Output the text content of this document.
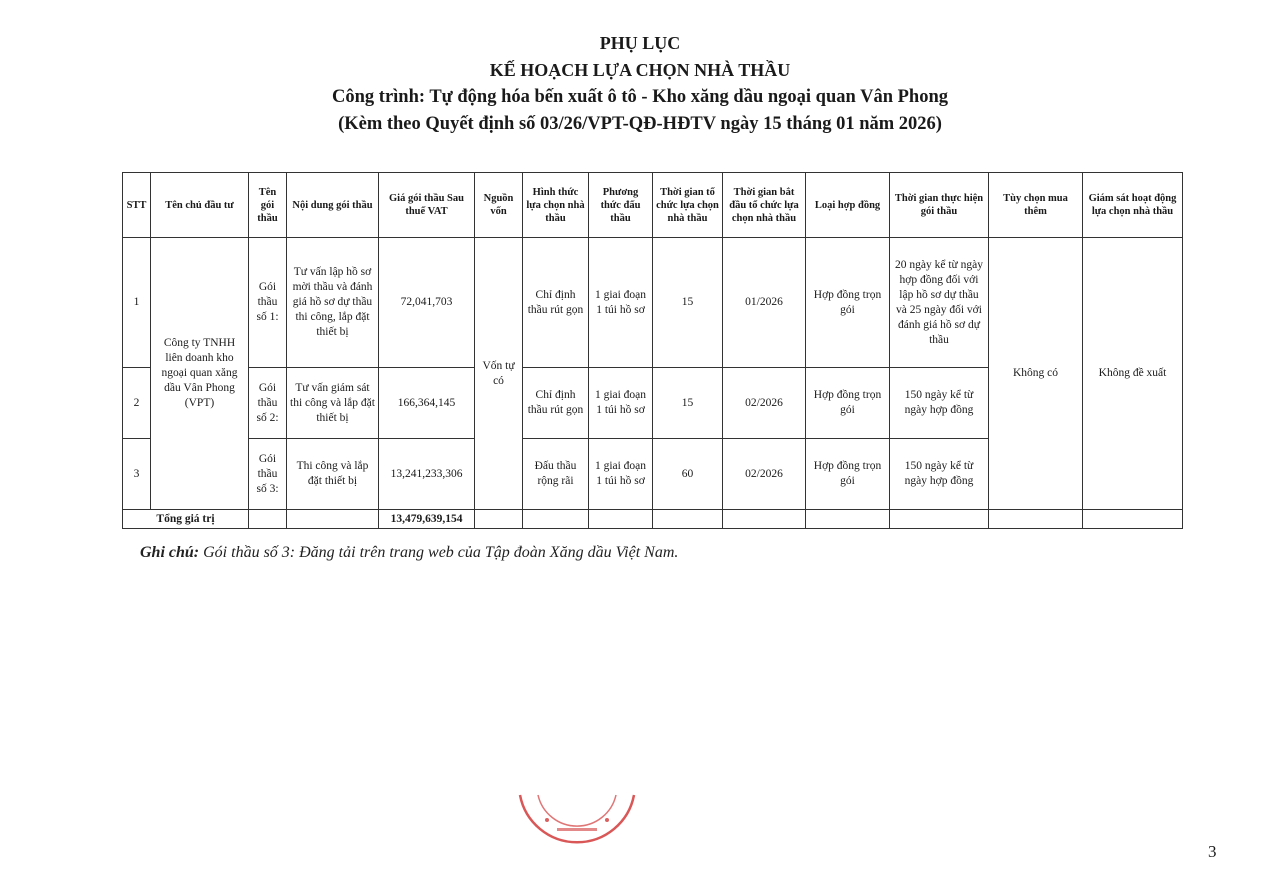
PHỤ LỤC
KẾ HOẠCH LỰA CHỌN NHÀ THẦU
Công trình: Tự động hóa bến xuất ô tô - Kho xăng dầu ngoại quan Vân Phong
(Kèm theo Quyết định số 03/26/VPT-QĐ-HĐTV ngày 15 tháng 01 năm 2026)
STT	Tên chủ đầu tư	Tên gói thầu	Nội dung gói thầu	Giá gói thầu Sau thuế VAT	Nguồn vốn	Hình thức lựa chọn nhà thầu	Phương thức đấu thầu	Thời gian tổ chức lựa chọn nhà thầu	Thời gian bắt đầu tổ chức lựa chọn nhà thầu	Loại hợp đồng	Thời gian thực hiện gói thầu	Tùy chọn mua thêm	Giám sát hoạt động lựa chọn nhà thầu
1	Công ty TNHH liên doanh kho ngoại quan xăng dầu Vân Phong (VPT)	Gói thầu số 1:	Tư vấn lập hồ sơ mời thầu và đánh giá hồ sơ dự thầu thi công, lắp đặt thiết bị	72,041,703	Vốn tự có	Chỉ định thầu rút gọn	1 giai đoạn 1 túi hồ sơ	15	01/2026	Hợp đồng trọn gói	20 ngày kể từ ngày hợp đồng đối với lập hồ sơ dự thầu và 25 ngày đối với đánh giá hồ sơ dự thầu	Không có	Không đề xuất
2		Gói thầu số 2:	Tư vấn giám sát thi công và lắp đặt thiết bị	166,364,145		Chỉ định thầu rút gọn	1 giai đoạn 1 túi hồ sơ	15	02/2026	Hợp đồng trọn gói	150 ngày kể từ ngày hợp đồng		
3		Gói thầu số 3:	Thi công và lắp đặt thiết bị	13,241,233,306		Đấu thầu rộng rãi	1 giai đoạn 1 túi hồ sơ	60	02/2026	Hợp đồng trọn gói	150 ngày kể từ ngày hợp đồng		
Tổng giá trị				13,479,639,154									
Ghi chú: Gói thầu số 3: Đăng tải trên trang web của Tập đoàn Xăng dầu Việt Nam.
3
